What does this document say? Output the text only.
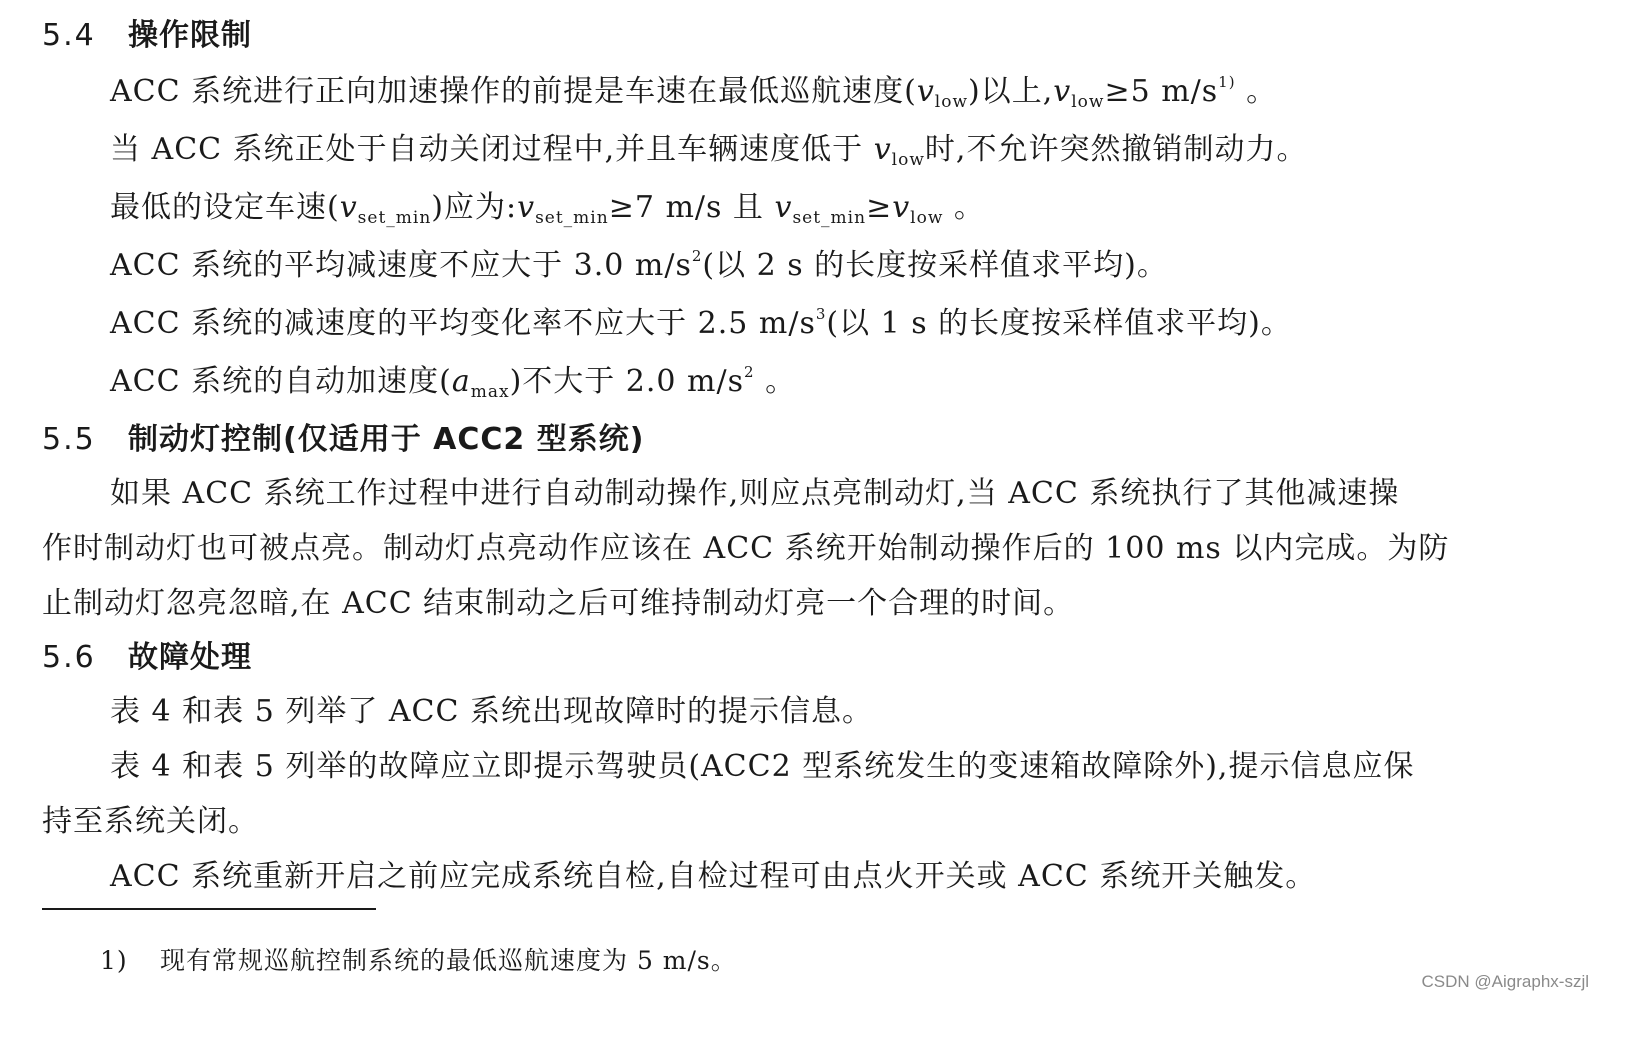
5.4 操作限制
ACC 系统进行正向加速操作的前提是车速在最低巡航速度$(v_{low})$以上$,v_{low}\ge 5$ $m/s^{1)}$ 。
当 ACC 系统正处于自动关闭过程中,并且车辆速度低于 $v_{low}$时,不允许突然撤销制动力。
最低的设定车速$(v_{set\_min})$应为$:v_{set\_min}\ge 7$ m/s 且 $v_{set\_min}\ge v_{low}$ 。
ACC 系统的平均减速度不应大于 3.0 $m/s^2$(以 2 s 的长度按采样值求平均)。
ACC 系统的减速度的平均变化率不应大于 2.5 $m/s^3$(以 1 s 的长度按采样值求平均)。
ACC 系统的自动加速度$(a_{max})$不大于 2.0 $m/s^2$ 。
5.5 制动灯控制(仅适用于 ACC2 型系统)
如果 ACC 系统工作过程中进行自动制动操作,则应点亮制动灯,当 ACC 系统执行了其他减速操
作时制动灯也可被点亮。制动灯点亮动作应该在 ACC 系统开始制动操作后的 100 ms 以内完成。为防
止制动灯忽亮忽暗,在 ACC 结束制动之后可维持制动灯亮一个合理的时间。
5.6 故障处理
表 4 和表 5 列举了 ACC 系统出现故障时的提示信息。
表 4 和表 5 列举的故障应立即提示驾驶员(ACC2 型系统发生的变速箱故障除外),提示信息应保
持至系统关闭。
ACC 系统重新开启之前应完成系统自检,自检过程可由点火开关或 ACC 系统开关触发。
1) 现有常规巡航控制系统的最低巡航速度为 5 m/s。
CSDN @Aigraphx-szjl
